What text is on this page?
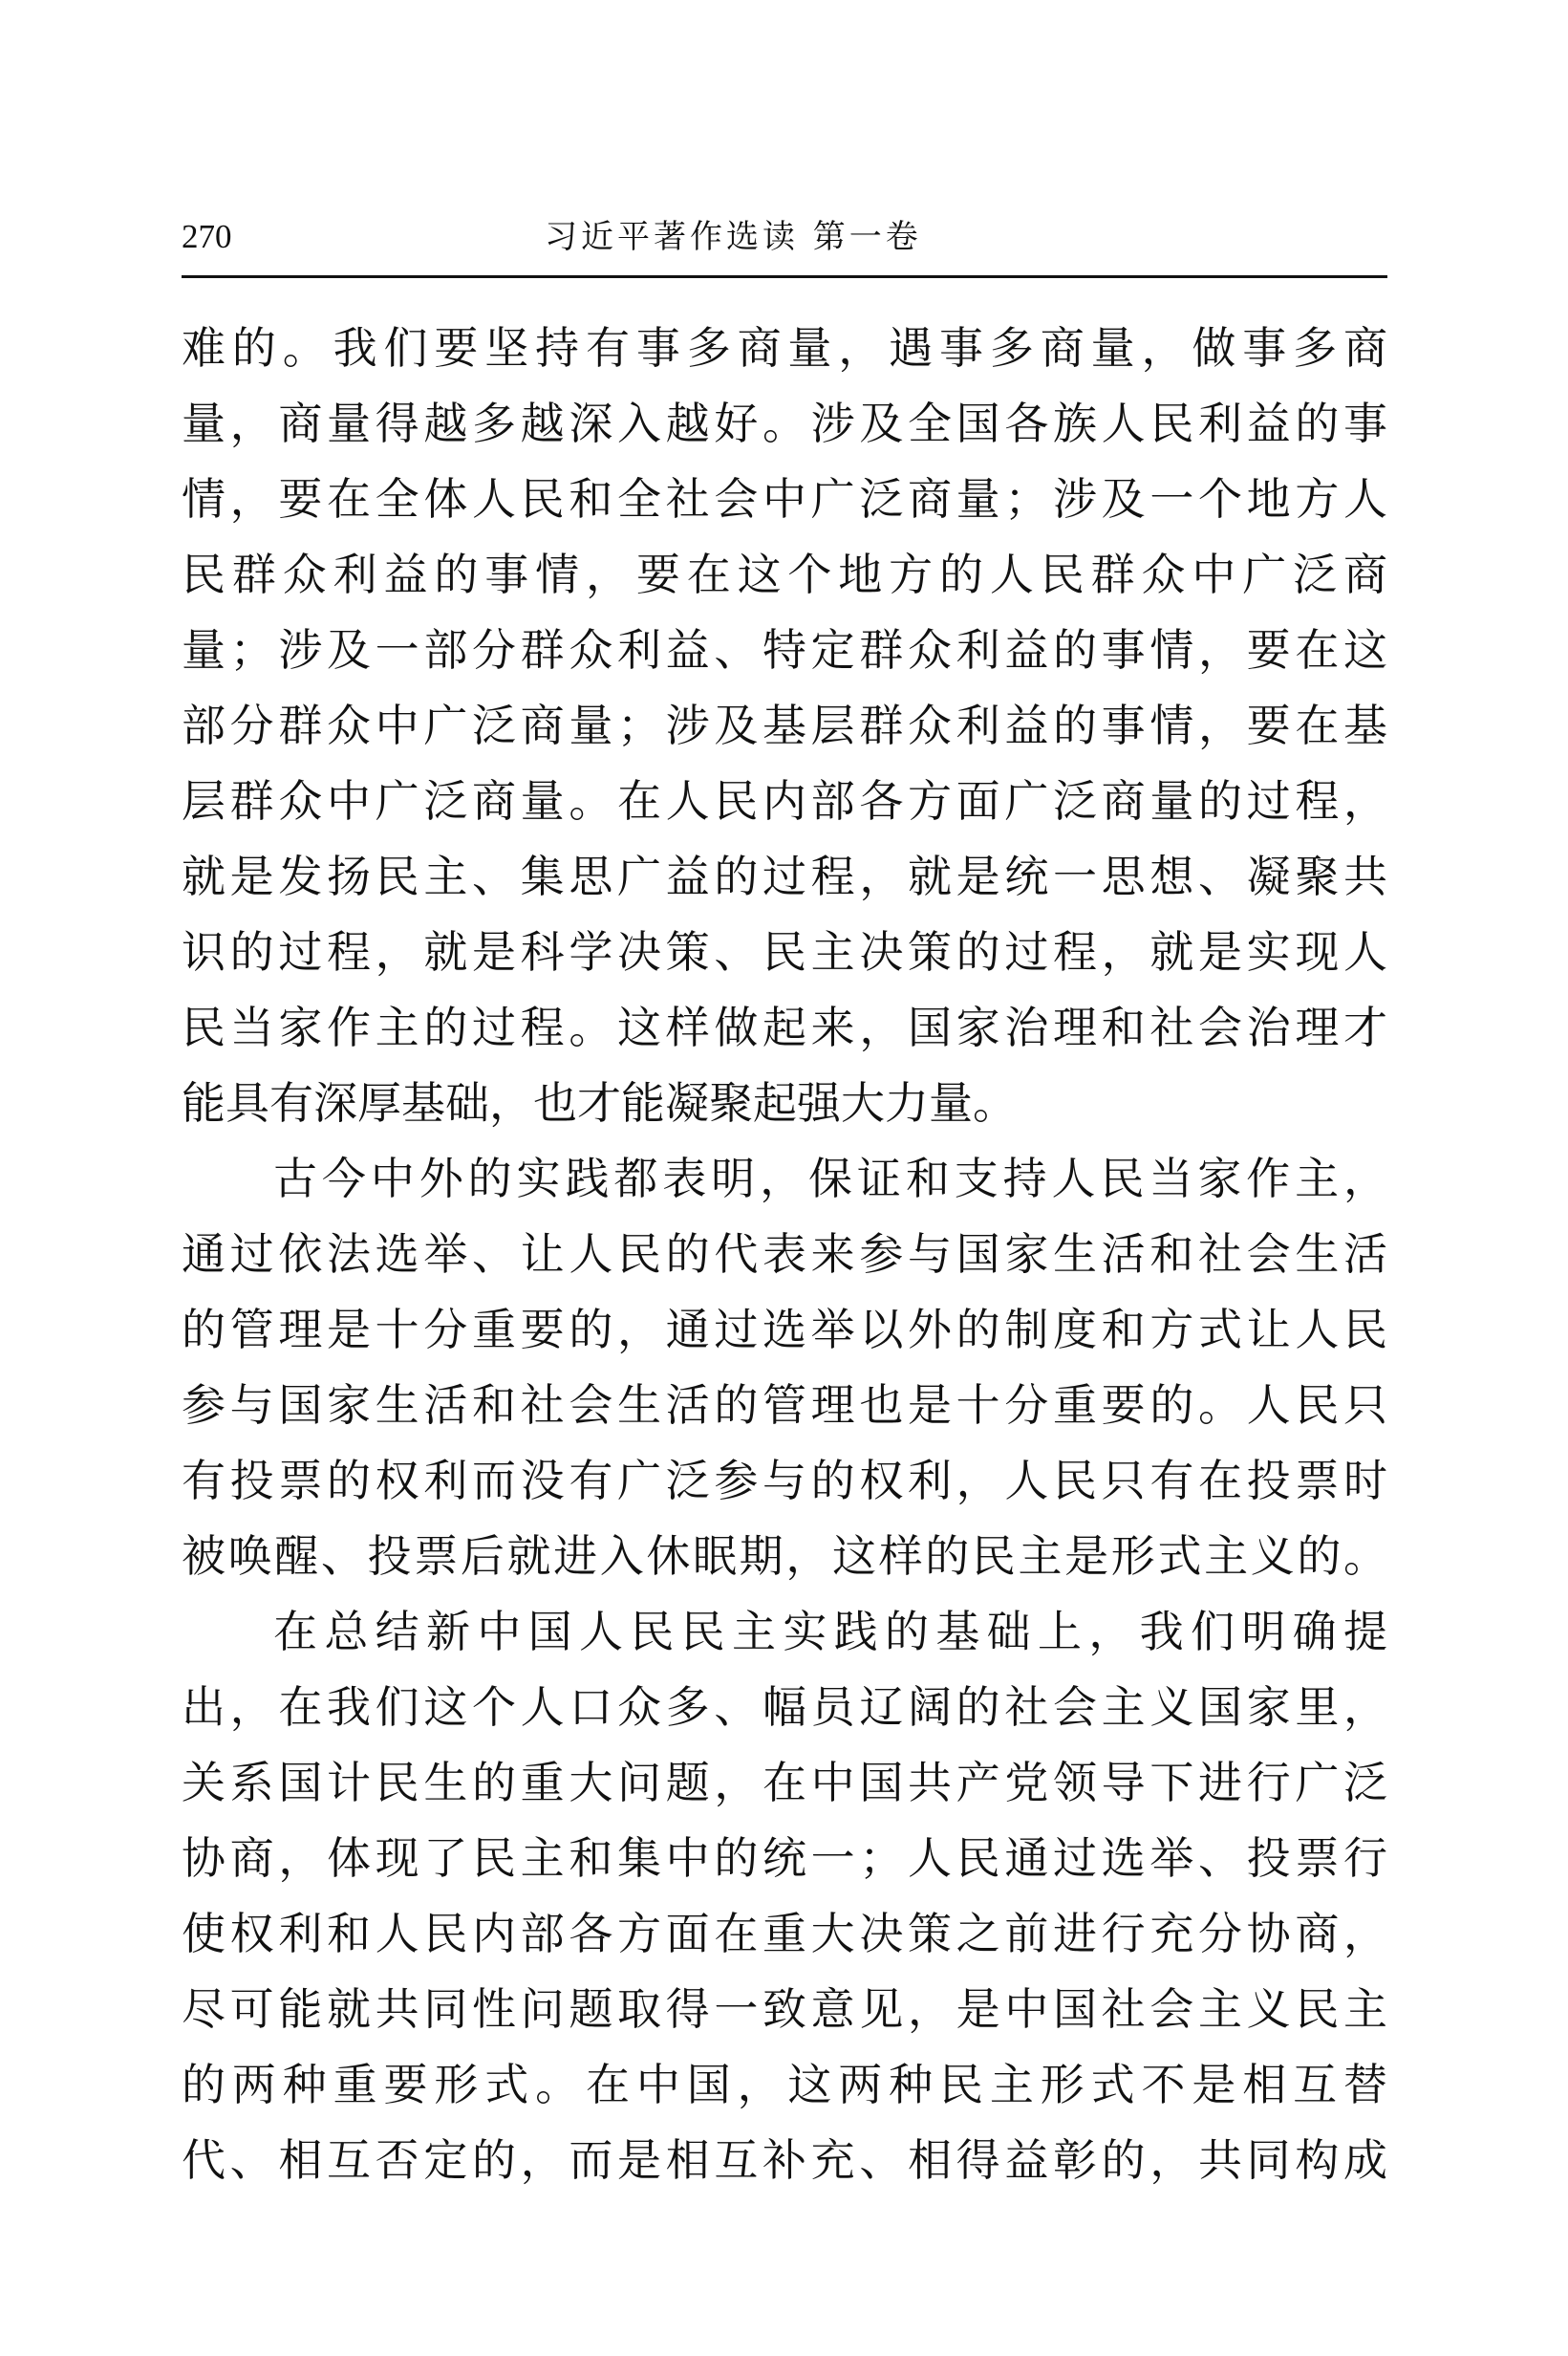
270	习近平著作选读 第一卷
难的。我们要坚持有事多商量，遇事多商量，做事多商
量，商量得越多越深入越好。涉及全国各族人民利益的事
情，要在全体人民和全社会中广泛商量；涉及一个地方人
民群众利益的事情，要在这个地方的人民群众中广泛商
量；涉及一部分群众利益、特定群众利益的事情，要在这
部分群众中广泛商量；涉及基层群众利益的事情，要在基
层群众中广泛商量。在人民内部各方面广泛商量的过程，
就是发扬民主、集思广益的过程，就是统一思想、凝聚共
识的过程，就是科学决策、民主决策的过程，就是实现人
民当家作主的过程。这样做起来，国家治理和社会治理才
能具有深厚基础，也才能凝聚起强大力量。
古今中外的实践都表明，保证和支持人民当家作主，
通过依法选举、让人民的代表来参与国家生活和社会生活
的管理是十分重要的，通过选举以外的制度和方式让人民
参与国家生活和社会生活的管理也是十分重要的。人民只
有投票的权利而没有广泛参与的权利，人民只有在投票时
被唤醒、投票后就进入休眠期，这样的民主是形式主义的。
在总结新中国人民民主实践的基础上，我们明确提
出，在我们这个人口众多、幅员辽阔的社会主义国家里，
关系国计民生的重大问题，在中国共产党领导下进行广泛
协商，体现了民主和集中的统一；人民通过选举、投票行
使权利和人民内部各方面在重大决策之前进行充分协商，
尽可能就共同性问题取得一致意见，是中国社会主义民主
的两种重要形式。在中国，这两种民主形式不是相互替
代、相互否定的，而是相互补充、相得益彰的，共同构成
